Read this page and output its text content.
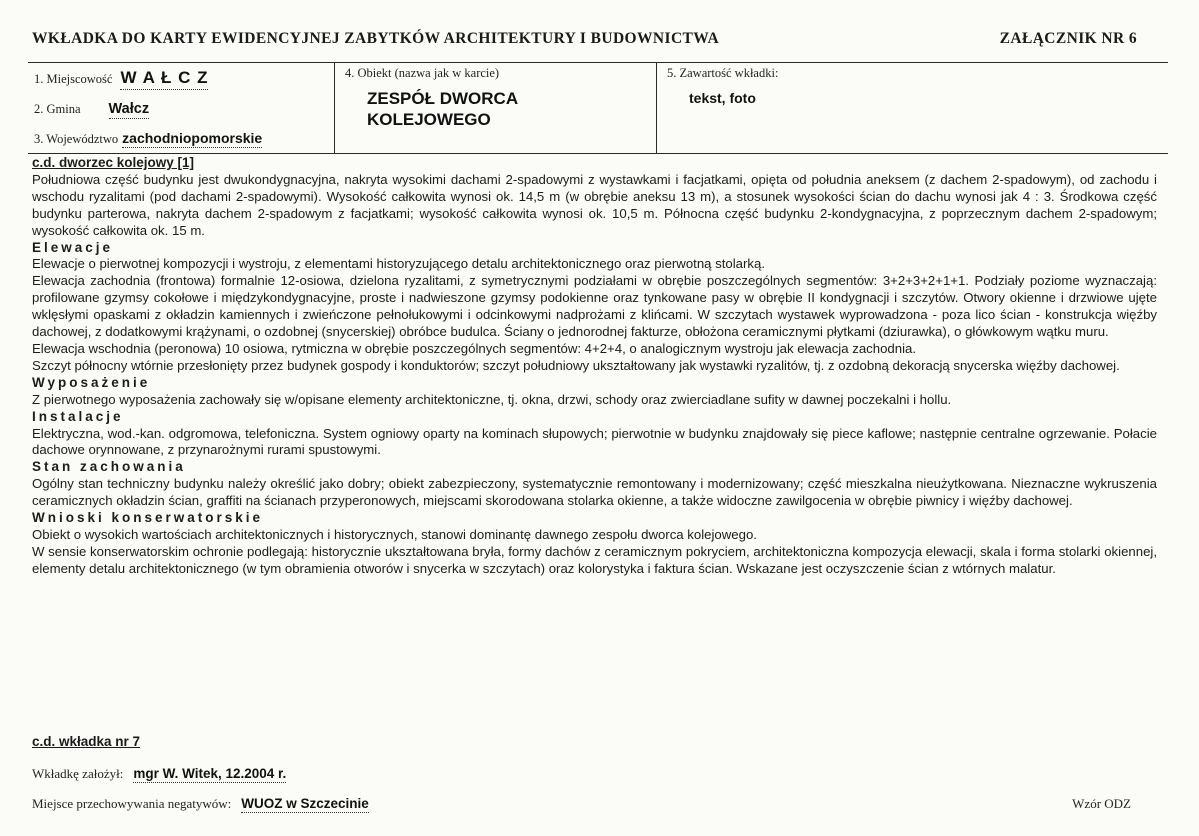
WKŁADKA DO KARTY EWIDENCYJNEJ ZABYTKÓW ARCHITEKTURY I BUDOWNICTWA	ZAŁĄCZNIK NR 6
1. Miejscowość W A Ł C Z
2. Gmina Wałcz
3. Województwo zachodniopomorskie
4. Obiekt (nazwa jak w karcie)
ZESPÓŁ DWORCA
KOLEJOWEGO
5. Zawartość wkładki:
tekst, foto

c.d. dworzec kolejowy [1]

Południowa część budynku jest dwukondygnacyjna, nakryta wysokimi dachami 2-spadowymi z wystawkami i facjatkami, opięta od południa aneksem (z dachem 2-spadowym), od zachodu i wschodu ryzalitami (pod dachami 2-spadowymi). Wysokość całkowita wynosi ok. 14,5 m (w obrębie aneksu 13 m), a stosunek wysokości ścian do dachu wynosi jak 4 : 3. Środkowa część budynku parterowa, nakryta dachem 2-spadowym z facjatkami; wysokość całkowita wynosi ok. 10,5 m. Północna część budynku 2-kondygnacyjna, z poprzecznym dachem 2-spadowym; wysokość całkowita ok. 15 m.

Elewacje

Elewacje o pierwotnej kompozycji i wystroju, z elementami historyzującego detalu architektonicznego oraz pierwotną stolarką.

Elewacja zachodnia (frontowa) formalnie 12-osiowa, dzielona ryzalitami, z symetrycznymi podziałami w obrębie poszczególnych segmentów: 3+2+3+2+1+1. Podziały poziome wyznaczają: profilowane gzymsy cokołowe i międzykondygnacyjne, proste i nadwieszone gzymsy podokienne oraz tynkowane pasy w obrębie II kondygnacji i szczytów. Otwory okienne i drzwiowe ujęte wklęsłymi opaskami z okładzin kamiennych i zwieńczone pełnołukowymi i odcinkowymi nadprożami z klińcami. W szczytach wystawek wyprowadzona - poza lico ścian - konstrukcja więźby dachowej, z dodatkowymi krążynami, o ozdobnej (snycerskiej) obróbce budulca. Ściany o jednorodnej fakturze, obłożona ceramicznymi płytkami (dziurawka), o główkowym wątku muru.

Elewacja wschodnia (peronowa) 10 osiowa, rytmiczna w obrębie poszczególnych segmentów: 4+2+4, o analogicznym wystroju jak elewacja zachodnia.

Szczyt północny wtórnie przesłonięty przez budynek gospody i konduktorów; szczyt południowy ukształtowany jak wystawki ryzalitów, tj. z ozdobną dekoracją snycerska więźby dachowej.

Wyposażenie

Z pierwotnego wyposażenia zachowały się w/opisane elementy architektoniczne, tj. okna, drzwi, schody oraz zwierciadlane sufity w dawnej poczekalni i hollu.

Instalacje

Elektryczna, wod.-kan. odgromowa, telefoniczna. System ogniowy oparty na kominach słupowych; pierwotnie w budynku znajdowały się piece kaflowe; następnie centralne ogrzewanie. Połacie dachowe orynnowane, z przynarożnymi rurami spustowymi.

Stan zachowania

Ogólny stan techniczny budynku należy określić jako dobry; obiekt zabezpieczony, systematycznie remontowany i modernizowany; część mieszkalna nieużytkowana. Nieznaczne wykruszenia ceramicznych okładzin ścian, graffiti na ścianach przyperonowych, miejscami skorodowana stolarka okienne, a także widoczne zawilgocenia w obrębie piwnicy i więźby dachowej.

Wnioski konserwatorskie

Obiekt o wysokich wartościach architektonicznych i historycznych, stanowi dominantę dawnego zespołu dworca kolejowego.

W sensie konserwatorskim ochronie podlegają: historycznie ukształtowana bryła, formy dachów z ceramicznym pokryciem, architektoniczna kompozycja elewacji, skala i forma stolarki okiennej, elementy detalu architektonicznego (w tym obramienia otworów i snycerka w szczytach) oraz kolorystyka i faktura ścian. Wskazane jest oczyszczenie ścian z wtórnych malatur.

c.d. wkładka nr 7
Wkładkę założył: mgr W. Witek, 12.2004 r.
Miejsce przechowywania negatywów: WUOZ w Szczecinie	Wzór ODZ
